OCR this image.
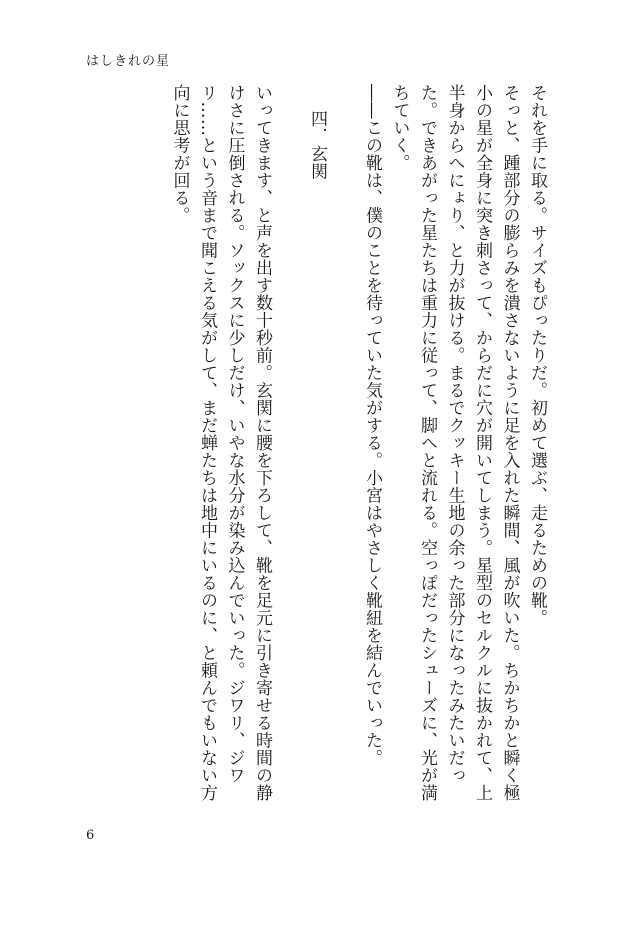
はしきれの星

それを手に取る。サイズもぴったりだ。初めて選ぶ、走るための靴。

そっと、踵部分の膨らみを潰さないように足を入れた瞬間、風が吹いた。ちかちかと瞬く極小の星が全身に突き刺さって、からだに穴が開いてしまう。星型のセルクルに抜かれて、上半身からへにょり、と力が抜ける。まるでクッキー生地の余った部分になったみたいだった。できあがった星たちは重力に従って、脚へと流れる。空っぽだったシューズに、光が満ちていく。

――この靴は、僕のことを待っていた気がする。小宮はやさしく靴紐を結んでいった。

四．玄関

いってきます、と声を出す数十秒前。玄関に腰を下ろして、靴を足元に引き寄せる時間の静けさに圧倒される。ソックスに少しだけ、いやな水分が染み込んでいった。ジワリ、ジワリ……という音まで聞こえる気がして、まだ蝉たちは地中にいるのに、と頼んでもいない方向に思考が回る。

6
